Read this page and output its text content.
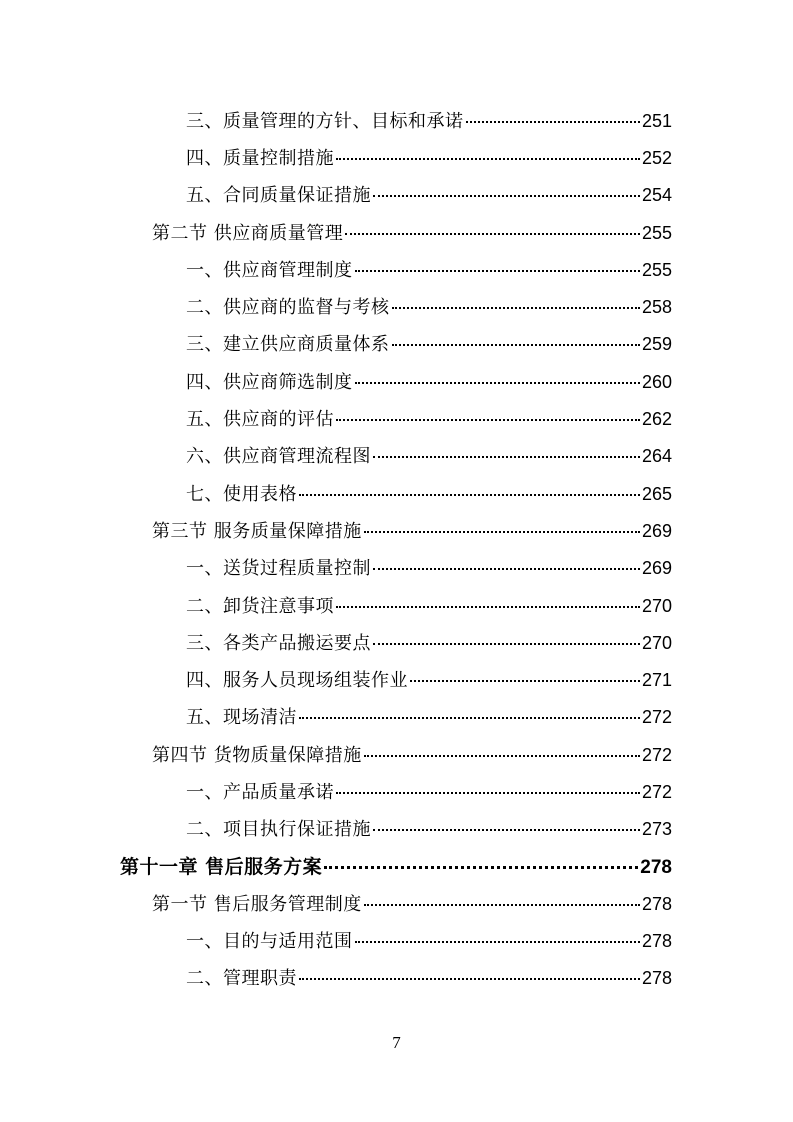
三、质量管理的方针、目标和承诺	251
四、质量控制措施	252
五、合同质量保证措施	254
第二节 供应商质量管理	255
一、供应商管理制度	255
二、供应商的监督与考核	258
三、建立供应商质量体系	259
四、供应商筛选制度	260
五、供应商的评估	262
六、供应商管理流程图	264
七、使用表格	265
第三节 服务质量保障措施	269
一、送货过程质量控制	269
二、卸货注意事项	270
三、各类产品搬运要点	270
四、服务人员现场组装作业	271
五、现场清洁	272
第四节 货物质量保障措施	272
一、产品质量承诺	272
二、项目执行保证措施	273
第十一章 售后服务方案	278
第一节 售后服务管理制度	278
一、目的与适用范围	278
二、管理职责	278
7
